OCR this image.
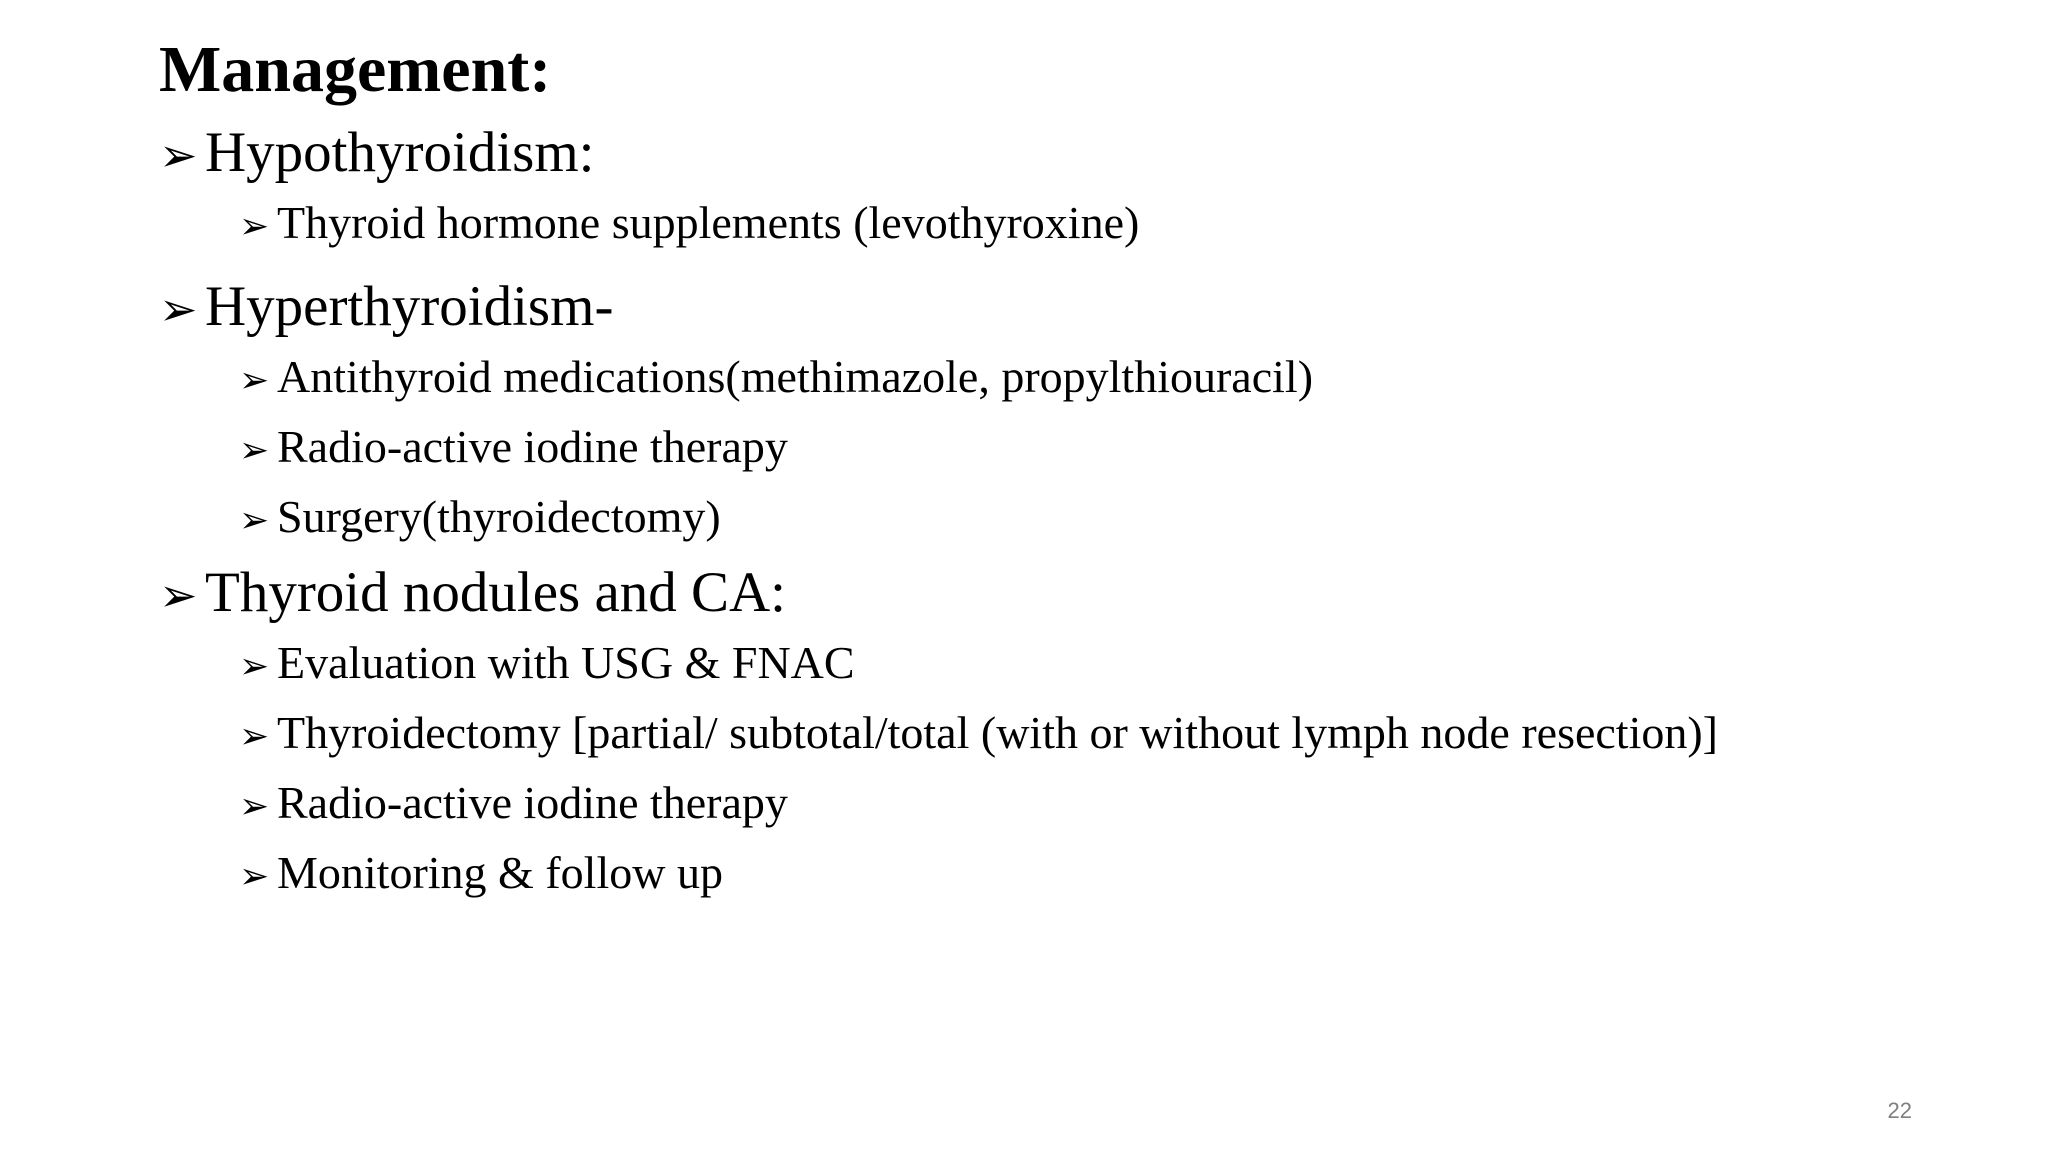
Management:
➢ Hypothyroidism:
➢ Thyroid hormone supplements (levothyroxine)
➢ Hyperthyroidism-
➢ Antithyroid medications(methimazole, propylthiouracil)
➢ Radio-active iodine therapy
➢ Surgery(thyroidectomy)
➢ Thyroid nodules and CA:
➢ Evaluation with USG & FNAC
➢ Thyroidectomy [partial/ subtotal/total (with or without lymph node resection)]
➢ Radio-active iodine therapy
➢ Monitoring & follow up
22
